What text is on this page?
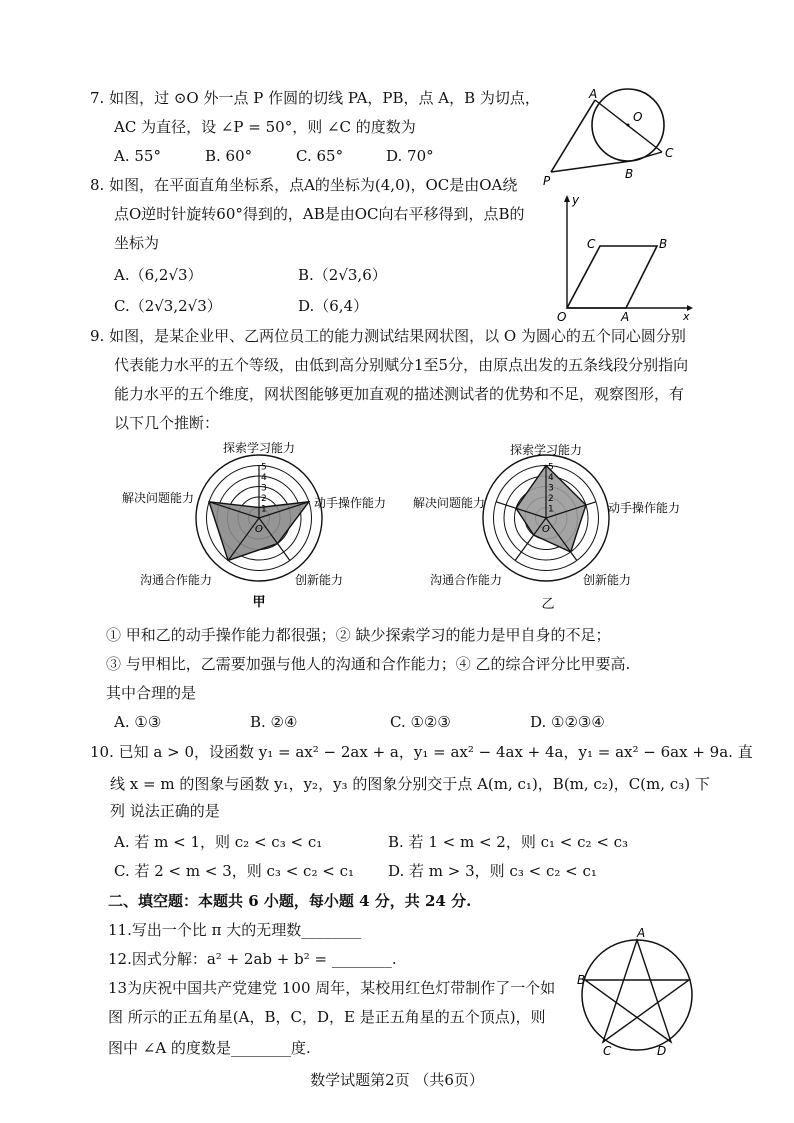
7. 如图，过 ⊙O 外一点 P 作圆的切线 PA，PB，点 A，B 为切点，
AC 为直径，设 ∠P = 50°，则 ∠C 的度数为
A. 55°	B. 60°	C. 65°	D. 70°
A
O
C
P	B
8. 如图，在平面直角坐标系，点A的坐标为(4,0)，OC是由OA绕
点O逆时针旋转60°得到的，AB是由OC向右平移得到，点B的
坐标为
A.（6,2√3）	B.（2√3,6）
C.（2√3,2√3）	D.（6,4）
y
x
O	A
B
C
9. 如图，是某企业甲、乙两位员工的能力测试结果网状图，以 O 为圆心的五个同心圆分别
代表能力水平的五个等级，由低到高分别赋分1至5分，由原点出发的五条线段分别指向
能力水平的五个维度，网状图能够更加直观的描述测试者的优势和不足，观察图形，有
以下几个推断：
1
2
3
4
5
O
探索学习能力
动手操作能力
创新能力
沟通合作能力
解决问题能力
甲
1
2
3
4
5
O
探索学习能力
动手操作能力
创新能力
沟通合作能力
解决问题能力
乙
① 甲和乙的动手操作能力都很强；② 缺少探索学习的能力是甲自身的不足；
③ 与甲相比，乙需要加强与他人的沟通和合作能力；④ 乙的综合评分比甲要高.
其中合理的是
A. ①③	B. ②④	C. ①②③	D. ①②③④
10. 已知 a > 0，设函数 y₁ = ax² − 2ax + a，y₁ = ax² − 4ax + 4a，y₁ = ax² − 6ax + 9a. 直
线 x = m 的图象与函数 y₁，y₂，y₃ 的图象分别交于点 A(m, c₁)，B(m, c₂)，C(m, c₃) 下
列 说法正确的是
A. 若 m < 1，则 c₂ < c₃ < c₁	B. 若 1 < m < 2，则 c₁ < c₂ < c₃
C. 若 2 < m < 3，则 c₃ < c₂ < c₁ D. 若 m > 3，则 c₃ < c₂ < c₁
二、填空题：本题共 6 小题，每小题 4 分，共 24 分.
11.写出一个比 π 大的无理数________
12.因式分解：a² + 2ab + b² = ________.
13为庆祝中国共产党建党 100 周年，某校用红色灯带制作了一个如
图 所示的正五角星(A，B，C，D，E 是正五角星的五个顶点)，则
图中 ∠A 的度数是________度.
A
B
C	D
数学试题第2页 （共6页）
